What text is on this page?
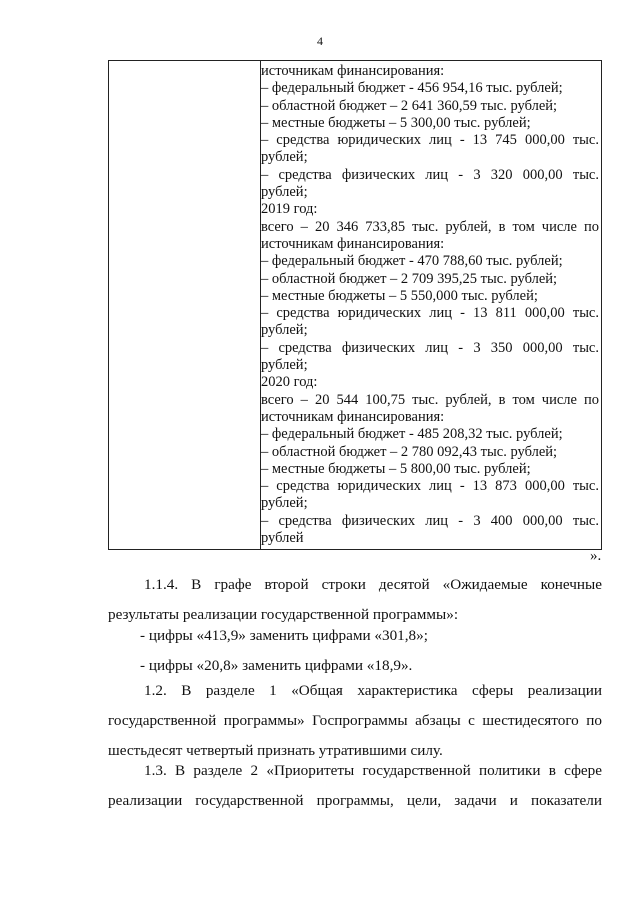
4
источникам финансирования:
– федеральный бюджет - 456 954,16 тыс. рублей;
– областной бюджет – 2 641 360,59 тыс. рублей;
– местные бюджеты – 5 300,00 тыс. рублей;
– средства юридических лиц - 13 745 000,00 тыс.
рублей;
– средства физических лиц - 3 320 000,00 тыс.
рублей;
2019 год:
всего – 20 346 733,85 тыс. рублей, в том числе по
источникам финансирования:
– федеральный бюджет - 470 788,60 тыс. рублей;
– областной бюджет – 2 709 395,25 тыс. рублей;
– местные бюджеты – 5 550,000 тыс. рублей;
– средства юридических лиц - 13 811 000,00 тыс.
рублей;
– средства физических лиц - 3 350 000,00 тыс.
рублей;
2020 год:
всего – 20 544 100,75 тыс. рублей, в том числе по
источникам финансирования:
– федеральный бюджет - 485 208,32 тыс. рублей;
– областной бюджет – 2 780 092,43 тыс. рублей;
– местные бюджеты – 5 800,00 тыс. рублей;
– средства юридических лиц - 13 873 000,00 тыс.
рублей;
– средства физических лиц - 3 400 000,00 тыс.
рублей
».
1.1.4. В графе второй строки десятой «Ожидаемые конечные
результаты реализации государственной программы»:
- цифры «413,9» заменить цифрами «301,8»;
- цифры «20,8» заменить цифрами «18,9».
1.2. В разделе 1 «Общая характеристика сферы реализации
государственной программы» Госпрограммы абзацы с шестидесятого по
шестьдесят четвертый признать утратившими силу.
1.3. В разделе 2 «Приоритеты государственной политики в сфере
реализации государственной программы, цели, задачи и показатели
